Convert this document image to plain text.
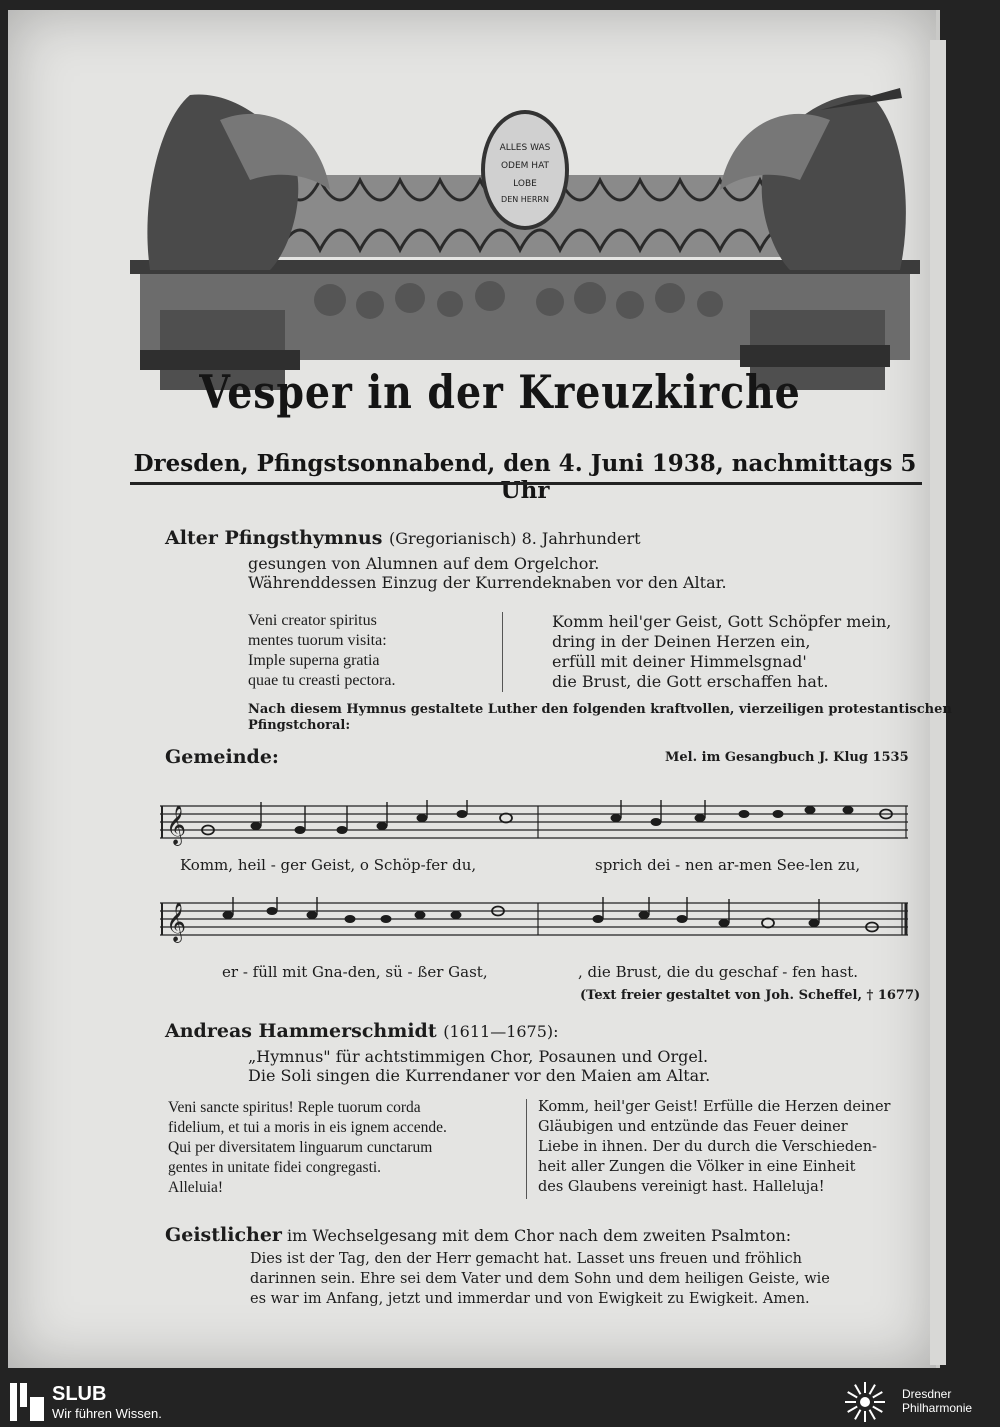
ALLES WAS
ODEM HAT
LOBE
DEN HERRN
Vesper in der Kreuzkirche
Dresden, Pfingstsonnabend, den 4. Juni 1938, nachmittags 5 Uhr
Alter Pfingsthymnus (Gregorianisch) 8. Jahrhundert
gesungen von Alumnen auf dem Orgelchor.
Währenddessen Einzug der Kurrendeknaben vor den Altar.
Veni creator spiritus
mentes tuorum visita:
Imple superna gratia
quae tu creasti pectora.
Komm heil'ger Geist, Gott Schöpfer mein,
dring in der Deinen Herzen ein,
erfüll mit deiner Himmelsgnad'
die Brust, die Gott erschaffen hat.
Nach diesem Hymnus gestaltete Luther den folgenden kraftvollen, vierzeiligen protestantischen
Pfingstchoral:
Gemeinde:	Mel. im Gesangbuch J. Klug 1535
𝄞
Komm, heil - ger Geist, o Schöp-fer du,	sprich dei - nen ar-men See-len zu,
𝄞
er - füll mit Gna-den, sü - ßer Gast,	, die Brust, die du geschaf - fen hast.
(Text freier gestaltet von Joh. Scheffel, † 1677)
Andreas Hammerschmidt (1611—1675):
„Hymnus" für achtstimmigen Chor, Posaunen und Orgel.
Die Soli singen die Kurrendaner vor den Maien am Altar.
Veni sancte spiritus! Reple tuorum corda
fidelium, et tui a moris in eis ignem accende.
Qui per diversitatem linguarum cunctarum
gentes in unitate fidei congregasti.
Alleluia!
Komm, heil'ger Geist! Erfülle die Herzen deiner
Gläubigen und entzünde das Feuer deiner
Liebe in ihnen. Der du durch die Verschieden-
heit aller Zungen die Völker in eine Einheit
des Glaubens vereinigt hast. Halleluja!
Geistlicher im Wechselgesang mit dem Chor nach dem zweiten Psalmton:
Dies ist der Tag, den der Herr gemacht hat. Lasset uns freuen und fröhlich
darinnen sein. Ehre sei dem Vater und dem Sohn und dem heiligen Geiste, wie
es war im Anfang, jetzt und immerdar und von Ewigkeit zu Ewigkeit. Amen.
SLUB
Wir führen Wissen.
Dresdner
Philharmonie
